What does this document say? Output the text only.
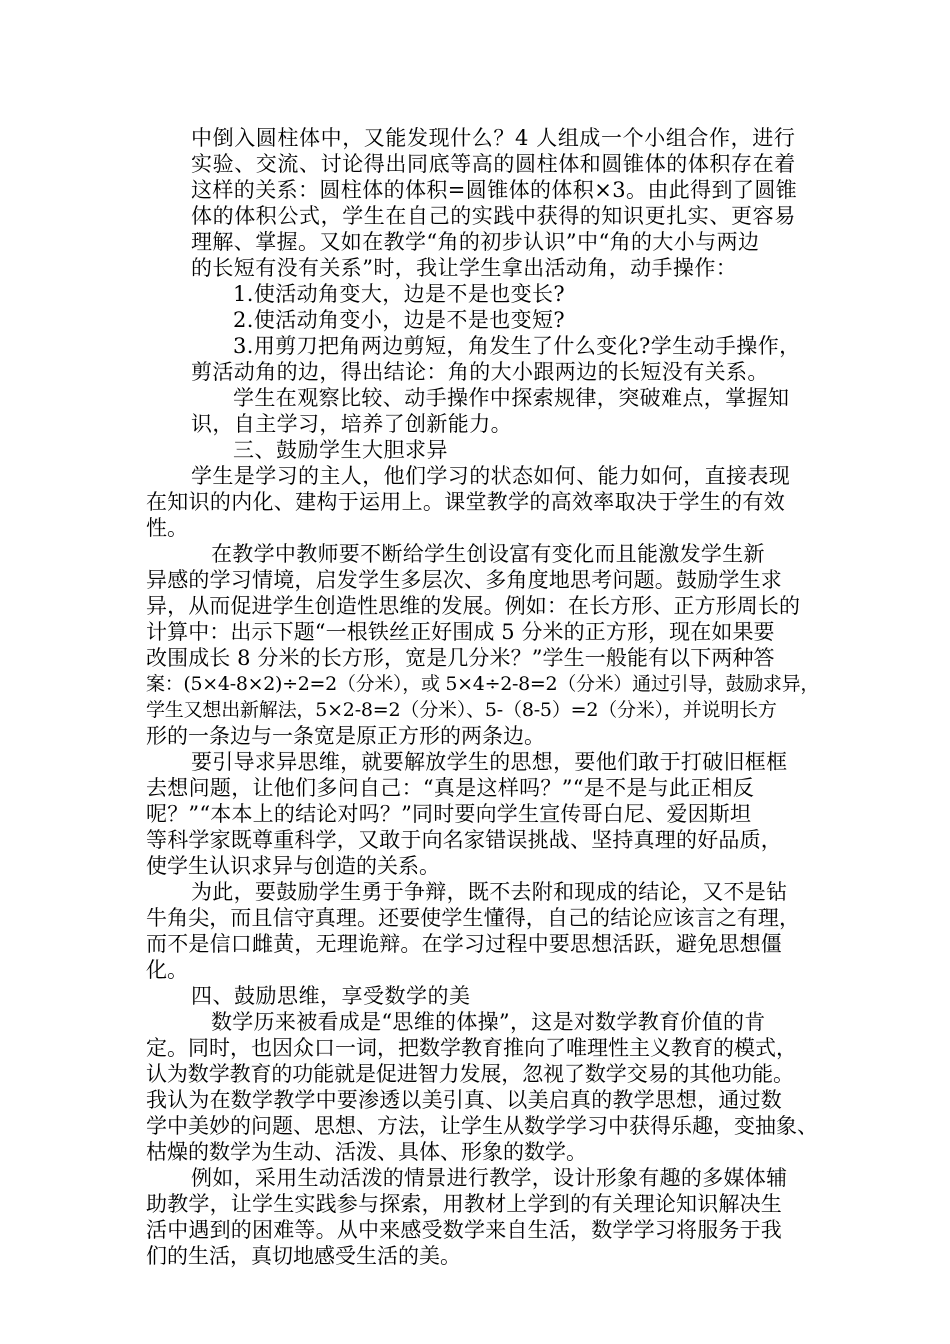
中倒入圆柱体中，又能发现什么？4 人组成一个小组合作，进行
实验、交流、讨论得出同底等高的圆柱体和圆锥体的体积存在着
这样的关系：圆柱体的体积=圆锥体的体积×3。由此得到了圆锥
体的体积公式，学生在自己的实践中获得的知识更扎实、更容易
理解、掌握。又如在教学“角的初步认识”中“角的大小与两边
的长短有没有关系”时，我让学生拿出活动角，动手操作：
1.使活动角变大，边是不是也变长?
2.使活动角变小，边是不是也变短?
3.用剪刀把角两边剪短，角发生了什么变化?学生动手操作，
剪活动角的边，得出结论：角的大小跟两边的长短没有关系。
学生在观察比较、动手操作中探索规律，突破难点，掌握知
识，自主学习，培养了创新能力。
三、鼓励学生大胆求异
学生是学习的主人，他们学习的状态如何、能力如何，直接表现
在知识的内化、建构于运用上。课堂教学的高效率取决于学生的有效
性。
在教学中教师要不断给学生创设富有变化而且能激发学生新
异感的学习情境，启发学生多层次、多角度地思考问题。鼓励学生求
异，从而促进学生创造性思维的发展。例如：在长方形、正方形周长的
计算中：出示下题“一根铁丝正好围成 5 分米的正方形，现在如果要
改围成长 8 分米的长方形，宽是几分米？”学生一般能有以下两种答
案：(5×4-8×2)÷2=2（分米），或 5×4÷2-8=2（分米）通过引导，鼓励求异，
学生又想出新解法，5×2-8=2（分米）、5-（8-5）=2（分米），并说明长方
形的一条边与一条宽是原正方形的两条边。
要引导求异思维，就要解放学生的思想，要他们敢于打破旧框框
去想问题，让他们多问自己：“真是这样吗？”“是不是与此正相反
呢？”“本本上的结论对吗？”同时要向学生宣传哥白尼、爱因斯坦
等科学家既尊重科学，又敢于向名家错误挑战、坚持真理的好品质，
使学生认识求异与创造的关系。
为此，要鼓励学生勇于争辩，既不去附和现成的结论，又不是钻
牛角尖，而且信守真理。还要使学生懂得，自己的结论应该言之有理，
而不是信口雌黄，无理诡辩。在学习过程中要思想活跃，避免思想僵
化。
四、鼓励思维，享受数学的美
数学历来被看成是“思维的体操”，这是对数学教育价值的肯
定。同时，也因众口一词，把数学教育推向了唯理性主义教育的模式，
认为数学教育的功能就是促进智力发展，忽视了数学交易的其他功能。
我认为在数学教学中要渗透以美引真、以美启真的教学思想，通过数
学中美妙的问题、思想、方法，让学生从数学学习中获得乐趣，变抽象、
枯燥的数学为生动、活泼、具体、形象的数学。
例如，采用生动活泼的情景进行教学，设计形象有趣的多媒体辅
助教学，让学生实践参与探索，用教材上学到的有关理论知识解决生
活中遇到的困难等。从中来感受数学来自生活，数学学习将服务于我
们的生活，真切地感受生活的美。
